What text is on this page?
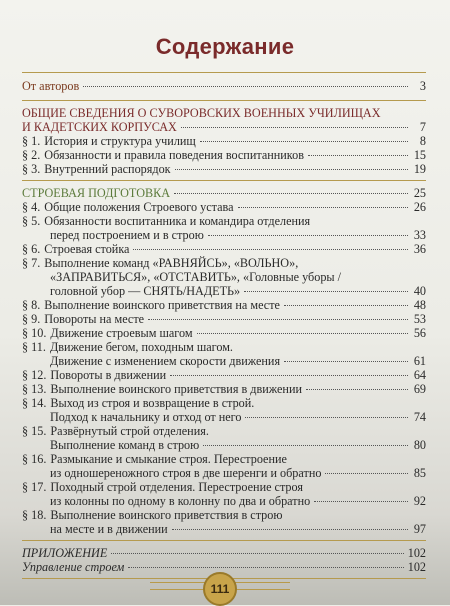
Содержание
От авторов	3
ОБЩИЕ СВЕДЕНИЯ О СУВОРОВСКИХ ВОЕННЫХ УЧИЛИЩАХ
И КАДЕТСКИХ КОРПУСАХ	7
§ 1. История и структура училищ	8
§ 2. Обязанности и правила поведения воспитанников	15
§ 3. Внутренний распорядок	19
СТРОЕВАЯ ПОДГОТОВКА	25
§ 4. Общие положения Строевого устава	26
§ 5. Обязанности воспитанника и командира отделения
перед построением и в строю	33
§ 6. Строевая стойка	36
§ 7. Выполнение команд «РАВНЯЙСЬ», «ВОЛЬНО»,
«ЗАПРАВИТЬСЯ», «ОТСТАВИТЬ», «Головные уборы /
головной убор — СНЯТЬ/НАДЕТЬ»	40
§ 8. Выполнение воинского приветствия на месте	48
§ 9. Повороты на месте	53
§ 10. Движение строевым шагом	56
§ 11. Движение бегом, походным шагом.
Движение с изменением скорости движения	61
§ 12. Повороты в движении	64
§ 13. Выполнение воинского приветствия в движении	69
§ 14. Выход из строя и возвращение в строй.
Подход к начальнику и отход от него	74
§ 15. Развёрнутый строй отделения.
Выполнение команд в строю	80
§ 16. Размыкание и смыкание строя. Перестроение
из одношереножного строя в две шеренги и обратно	85
§ 17. Походный строй отделения. Перестроение строя
из колонны по одному в колонну по два и обратно	92
§ 18. Выполнение воинского приветствия в строю
на месте и в движении	97
ПРИЛОЖЕНИЕ	102
Управление строем	102
111
